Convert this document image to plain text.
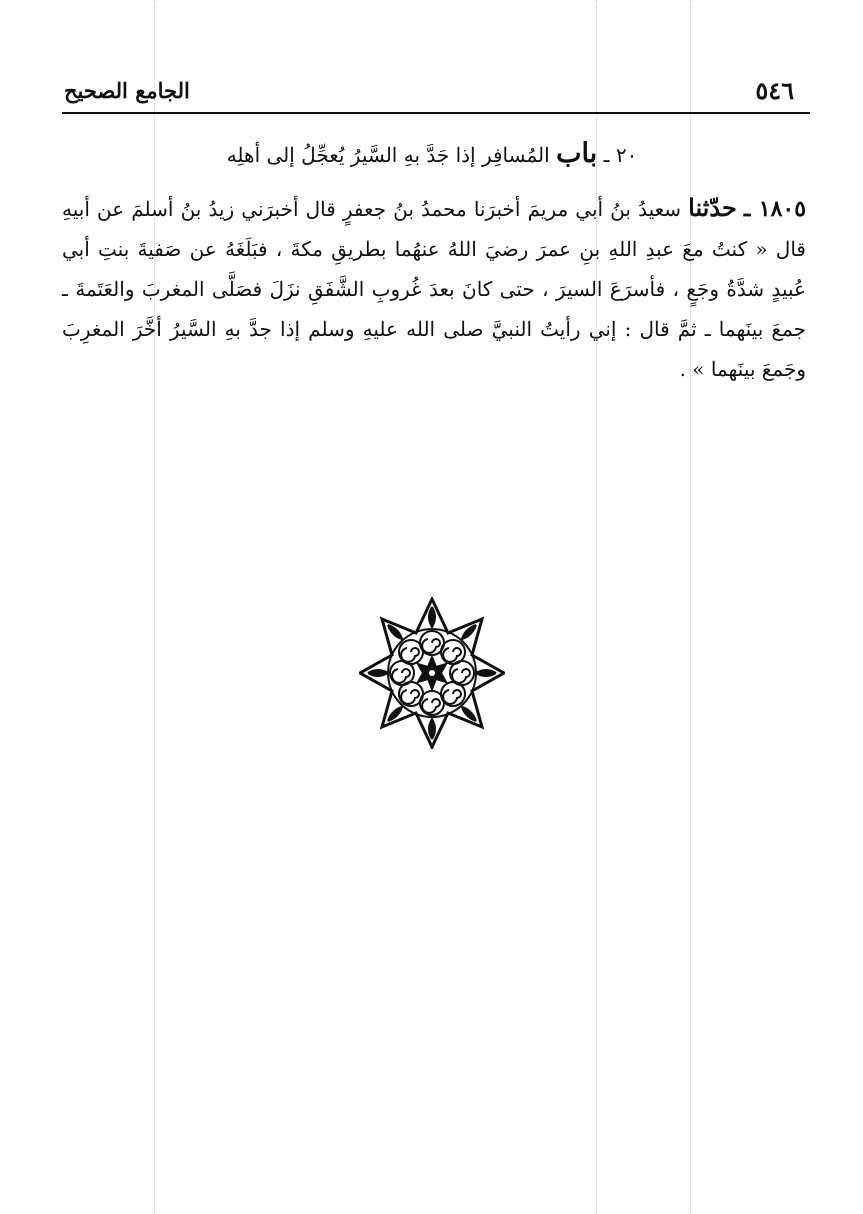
٥٤٦
الجامع الصحيح
٢٠ ـ باب المُسافِر إذا جَدَّ بهِ السَّيرُ يُعجِّلُ إلى أهلِه
١٨٠٥ ـ حدّثنا سعيدُ بنُ أبي مريمَ أخبرَنا محمدُ بنُ جعفرٍ قال أخبرَني زيدُ بنُ أسلمَ عن أبيهِ قال « كنتُ معَ عبدِ اللهِ بنِ عمرَ رضيَ اللهُ عنهُما بطريقِ مكةَ ، فبَلَغَهُ عن صَفيةَ بنتِ أبي عُبيدٍ شدَّةُ وجَعٍ ، فأسرَعَ السيرَ ، حتى كانَ بعدَ غُروبِ الشَّفَقِ نزَلَ فصَلَّى المغربَ والعَتَمةَ ـ جمعَ بينَهما ـ ثمَّ قال : إني رأيتُ النبيَّ صلى الله عليهِ وسلم إذا جدَّ بهِ السَّيرُ أخَّرَ المغرِبَ وجَمعَ بينَهما » .
